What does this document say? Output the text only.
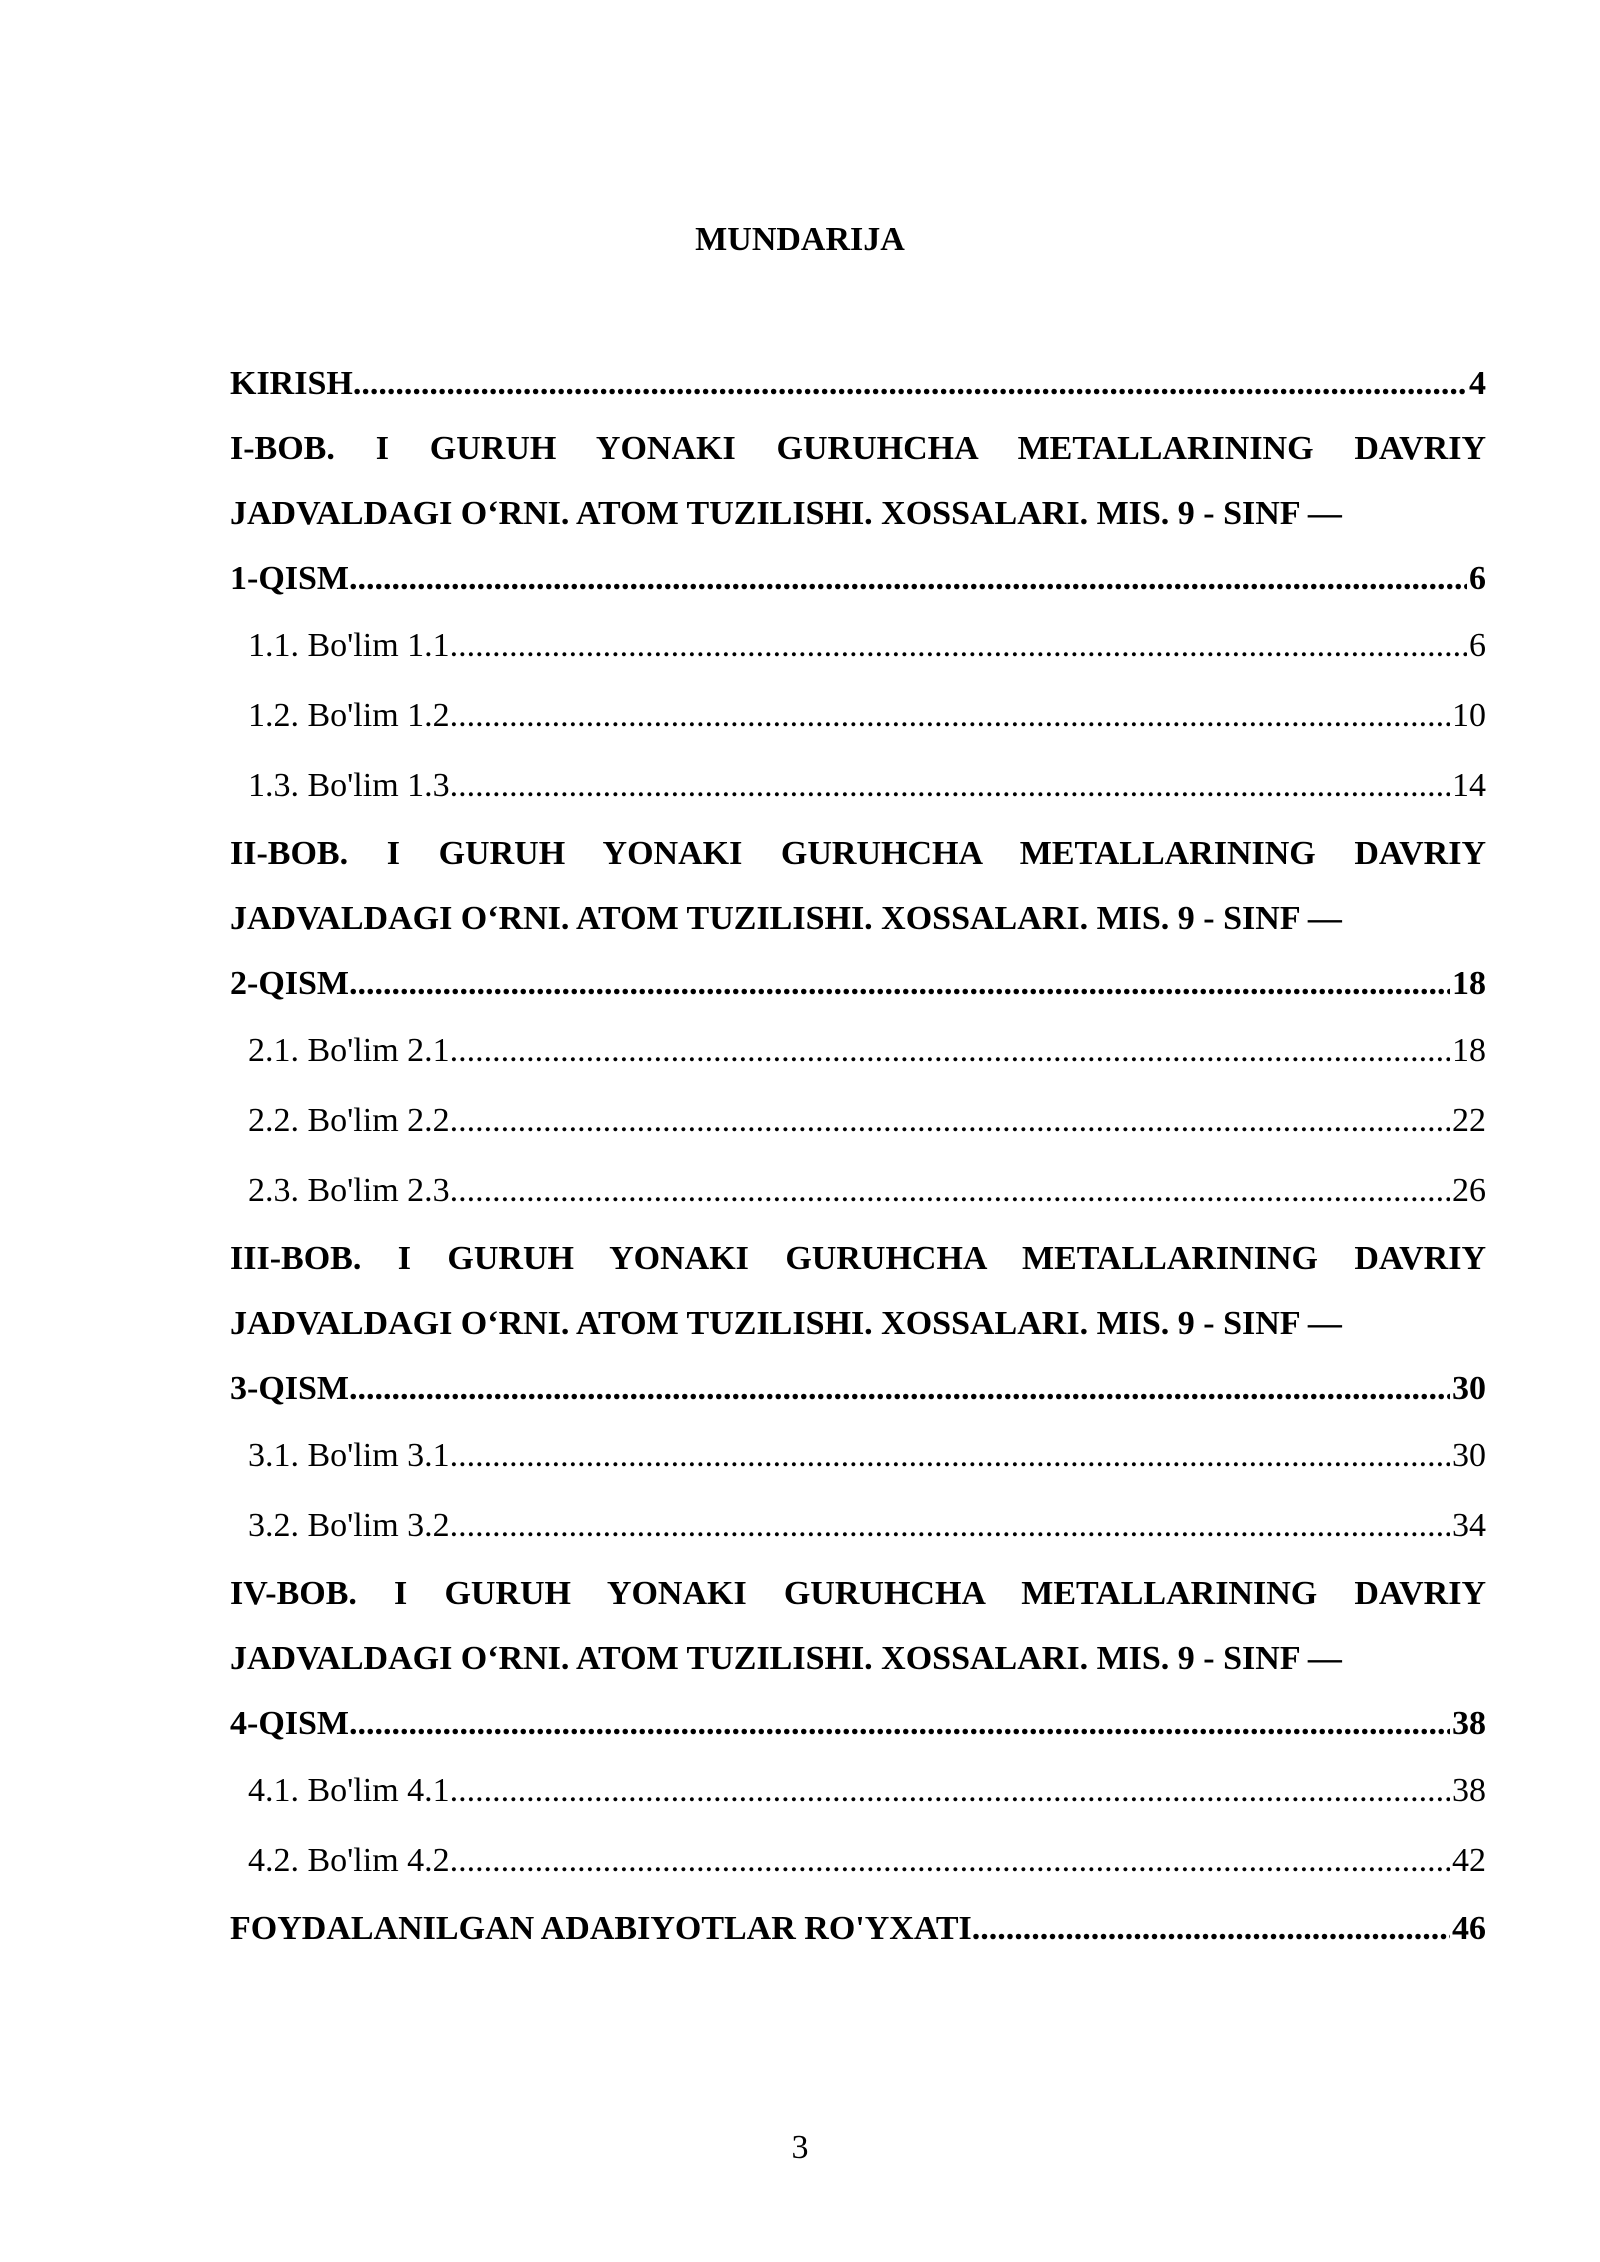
MUNDARIJA
KIRISH .....	4
I-BOB. I GURUH YONAKI GURUHCHA METALLARINING DAVRIY JADVALDAGI O‘RNI. ATOM TUZILISHI. XOSSALARI. MIS. 9 - SINF —
1-QISM .....	6
1.1. Bo'lim 1.1 .....	6
1.2. Bo'lim 1.2 .....	10
1.3. Bo'lim 1.3 .....	14
II-BOB. I GURUH YONAKI GURUHCHA METALLARINING DAVRIY JADVALDAGI O‘RNI. ATOM TUZILISHI. XOSSALARI. MIS. 9 - SINF —
2-QISM .....	18
2.1. Bo'lim 2.1 .....	18
2.2. Bo'lim 2.2 .....	22
2.3. Bo'lim 2.3 .....	26
III-BOB. I GURUH YONAKI GURUHCHA METALLARINING DAVRIY JADVALDAGI O‘RNI. ATOM TUZILISHI. XOSSALARI. MIS. 9 - SINF —
3-QISM .....	30
3.1. Bo'lim 3.1 .....	30
3.2. Bo'lim 3.2 .....	34
IV-BOB. I GURUH YONAKI GURUHCHA METALLARINING DAVRIY JADVALDAGI O‘RNI. ATOM TUZILISHI. XOSSALARI. MIS. 9 - SINF —
4-QISM .....	38
4.1. Bo'lim 4.1 .....	38
4.2. Bo'lim 4.2 .....	42
FOYDALANILGAN ADABIYOTLAR RO'YXATI .....	46
3
